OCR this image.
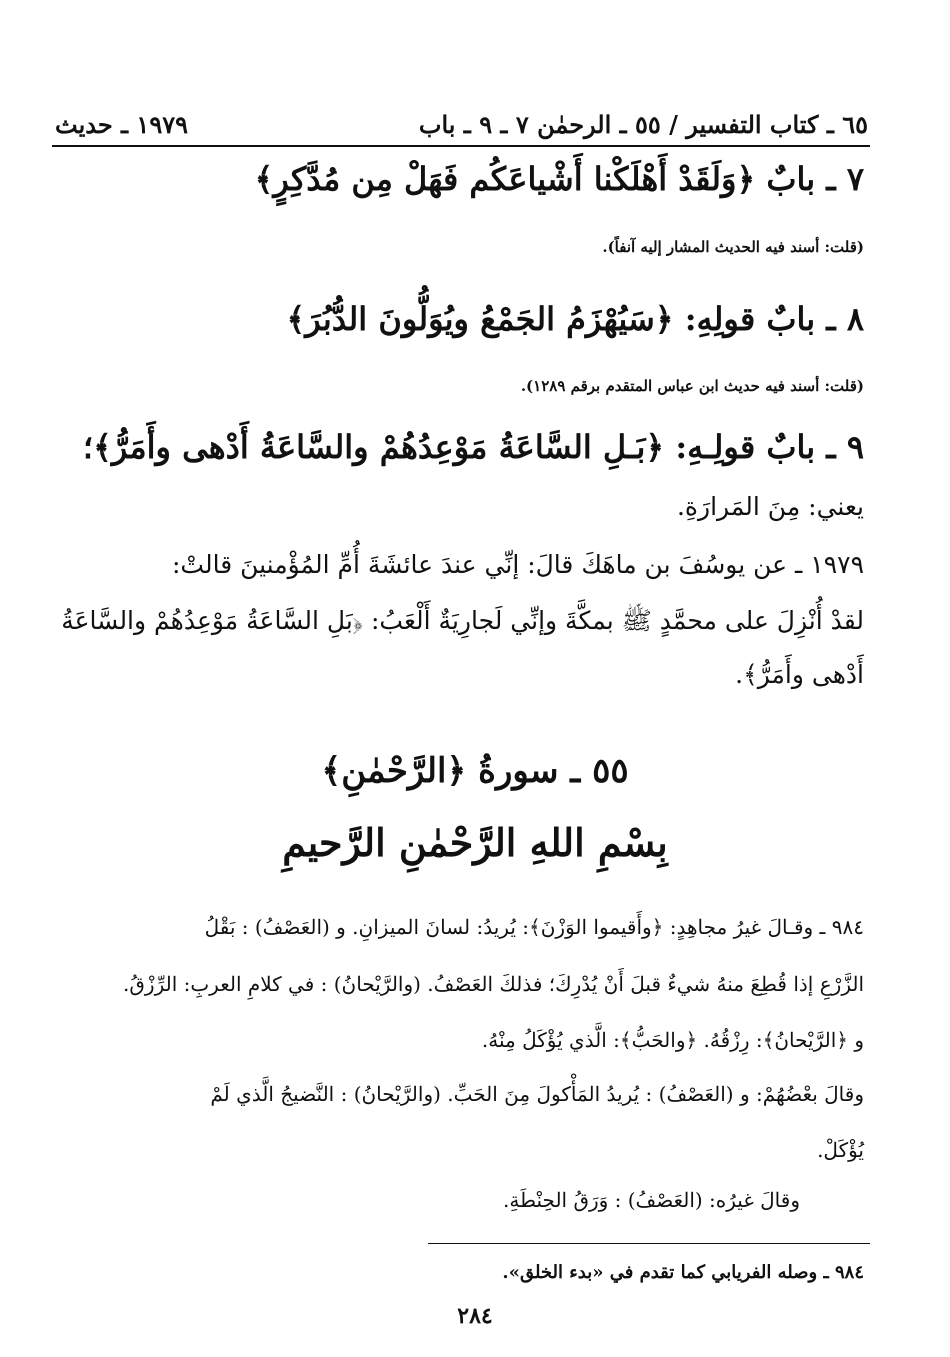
١٩٧٩ ـ حديث	٦٥ ـ كتاب التفسير / ٥٥ ـ الرحمٰن ٧ ـ ٩ ـ باب
٧ ـ بابٌ ﴿وَلَقَدْ أَهْلَكْنا أَشْياعَكُم فَهَلْ مِن مُدَّكِرٍ﴾
(قلت: أسند فيه الحديث المشار إليه آنفاً).
٨ ـ بابٌ قولِهِ: ﴿سَيُهْزَمُ الجَمْعُ ويُوَلُّونَ الدُّبُرَ﴾
(قلت: أسند فيه حديث ابن عباس المتقدم برقم ١٢٨٩).
٩ ـ بابٌ قولِـهِ: ﴿بَـلِ السَّاعَةُ مَوْعِدُهُمْ والسَّاعَةُ أَدْهى وأَمَرُّ﴾؛
يعني: مِنَ المَرارَةِ.
١٩٧٩ ـ عن يوسُفَ بن ماهَكَ قالَ: إنِّي عندَ عائشَةَ أُمِّ المُؤْمنينَ قالتْ:
لقدْ أُنْزِلَ على محمَّدٍ ﷺ بمكَّةَ وإنِّي لَجارِيَةٌ أَلْعَبُ: ﴿بَلِ السَّاعَةُ مَوْعِدُهُمْ والسَّاعَةُ
أَدْهى وأَمَرُّ﴾.
٥٥ ـ سورةُ ﴿الرَّحْمٰنِ﴾
بِسْمِ اللهِ الرَّحْمٰنِ الرَّحيمِ
٩٨٤ ـ وقـالَ غيرُ مجاهِدٍ: ﴿وأَقيموا الوَزْنَ﴾: يُريدُ: لسانَ الميزانِ. و (العَصْفُ) : بَقْلُ
الزَّرْعِ إذا قُطِعَ منهُ شيءٌ قبلَ أَنْ يُدْرِكَ؛ فذلكَ العَصْفُ. (والرَّيْحانُ) : في كلامِ العربِ: الرِّزْقُ.
و ﴿الرَّيْحانُ﴾: رِزْقُهُ. ﴿والحَبُّ﴾: الَّذي يُؤْكَلُ مِنْهُ.
وقالَ بعْضُهُمْ: و (العَصْفُ) : يُريدُ المَأْكولَ مِنَ الحَبِّ. (والرَّيْحانُ) : النَّضيجُ الَّذي لَمْ
يُؤْكَلْ.
وقالَ غيرُه: (العَصْفُ) : وَرَقُ الحِنْطَةِ.
٩٨٤ ـ وصله الفريابي كما تقدم في «بدء الخلق».
٢٨٤
